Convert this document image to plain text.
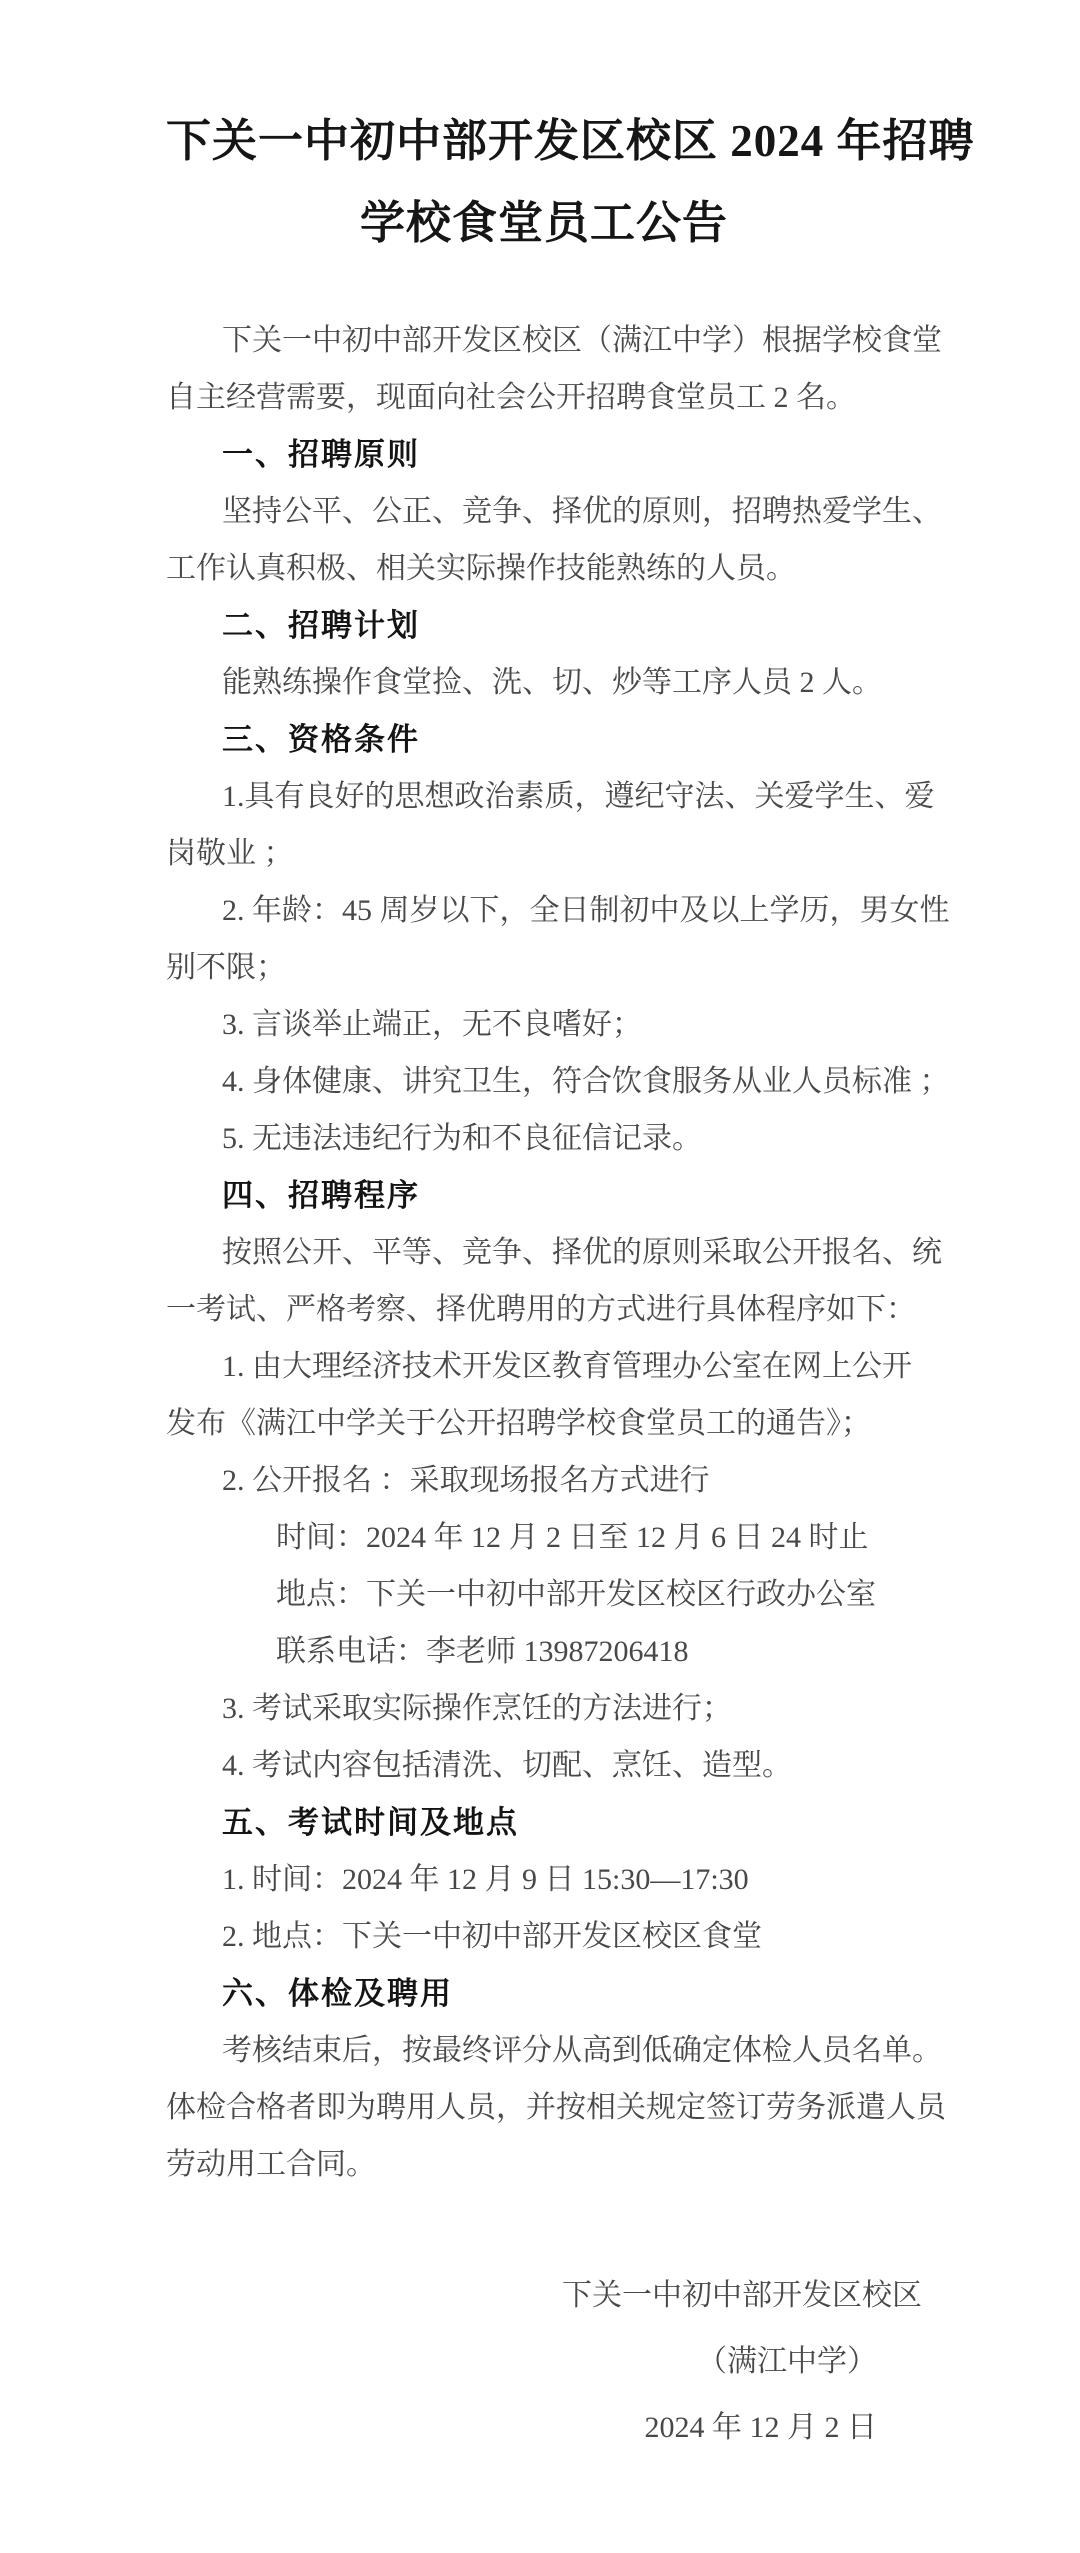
下关一中初中部开发区校区 2024 年招聘
学校食堂员工公告
下关一中初中部开发区校区（满江中学）根据学校食堂
自主经营需要，现面向社会公开招聘食堂员工 2 名。
一、招聘原则
坚持公平、公正、竞争、择优的原则，招聘热爱学生、
工作认真积极、相关实际操作技能熟练的人员。
二、招聘计划
能熟练操作食堂捡、洗、切、炒等工序人员 2 人。
三、资格条件
1.具有良好的思想政治素质，遵纪守法、关爱学生、爱
岗敬业 ；
2. 年龄：45 周岁以下，全日制初中及以上学历，男女性
别不限；
3. 言谈举止端正，无不良嗜好；
4. 身体健康、讲究卫生，符合饮食服务从业人员标准 ；
5. 无违法违纪行为和不良征信记录。
四、招聘程序
按照公开、平等、竞争、择优的原则采取公开报名、统
一考试、严格考察、择优聘用的方式进行具体程序如下：
1. 由大理经济技术开发区教育管理办公室在网上公开
发布《满江中学关于公开招聘学校食堂员工的通告》；
2. 公开报名 ：采取现场报名方式进行
时间：2024 年 12 月 2 日至 12 月 6 日 24 时止
地点：下关一中初中部开发区校区行政办公室
联系电话：李老师 13987206418
3. 考试采取实际操作烹饪的方法进行；
4. 考试内容包括清洗、切配、烹饪、造型。
五、考试时间及地点
1. 时间：2024 年 12 月 9 日 15:30—17:30
2. 地点：下关一中初中部开发区校区食堂
六、体检及聘用
考核结束后，按最终评分从高到低确定体检人员名单。
体检合格者即为聘用人员，并按相关规定签订劳务派遣人员
劳动用工合同。
下关一中初中部开发区校区
（满江中学）
2024 年 12 月 2 日
